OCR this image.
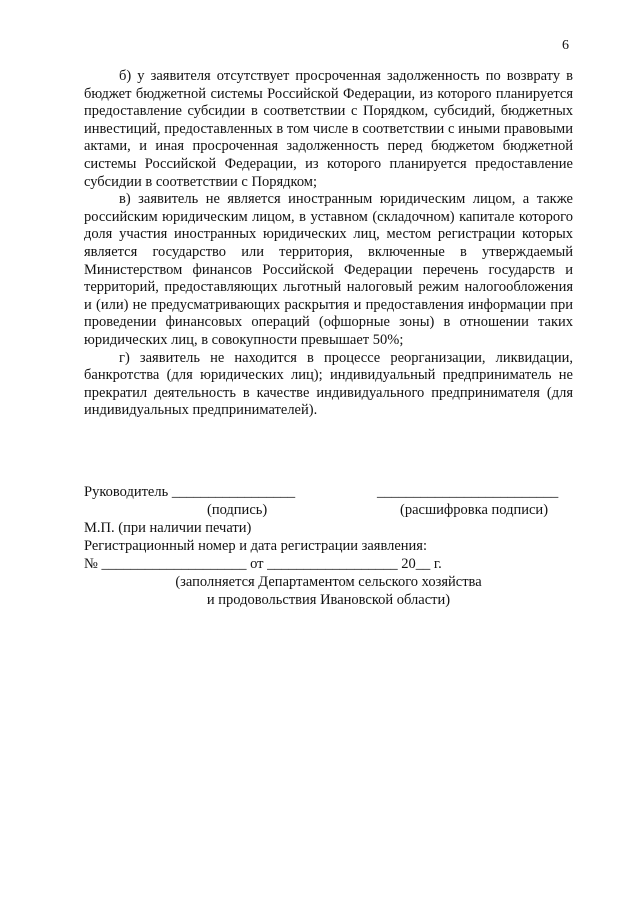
6

б) у заявителя отсутствует просроченная задолженность по возврату в бюджет бюджетной системы Российской Федерации, из которого планируется предоставление субсидии в соответствии с Порядком, субсидий, бюджетных инвестиций, предоставленных в том числе в соответствии с иными правовыми актами, и иная просроченная задолженность перед бюджетом бюджетной системы Российской Федерации, из которого планируется предоставление субсидии в соответствии с Порядком;

в) заявитель не является иностранным юридическим лицом, а также российским юридическим лицом, в уставном (складочном) капитале которого доля участия иностранных юридических лиц, местом регистрации которых является государство или территория, включенные в утверждаемый Министерством финансов Российской Федерации перечень государств и территорий, предоставляющих льготный налоговый режим налогообложения и (или) не предусматривающих раскрытия и предоставления информации при проведении финансовых операций (офшорные зоны) в отношении таких юридических лиц, в совокупности превышает 50%;

г) заявитель не находится в процессе реорганизации, ликвидации, банкротства (для юридических лиц); индивидуальный предприниматель не прекратил деятельность в качестве индивидуального предпринимателя (для индивидуальных предпринимателей).

Руководитель _________________	_________________________
(подпись)	(расшифровка подписи)
М.П. (при наличии печати)
Регистрационный номер и дата регистрации заявления:
№ ____________________ от __________________ 20__ г.
(заполняется Департаментом сельского хозяйства
и продовольствия Ивановской области)
